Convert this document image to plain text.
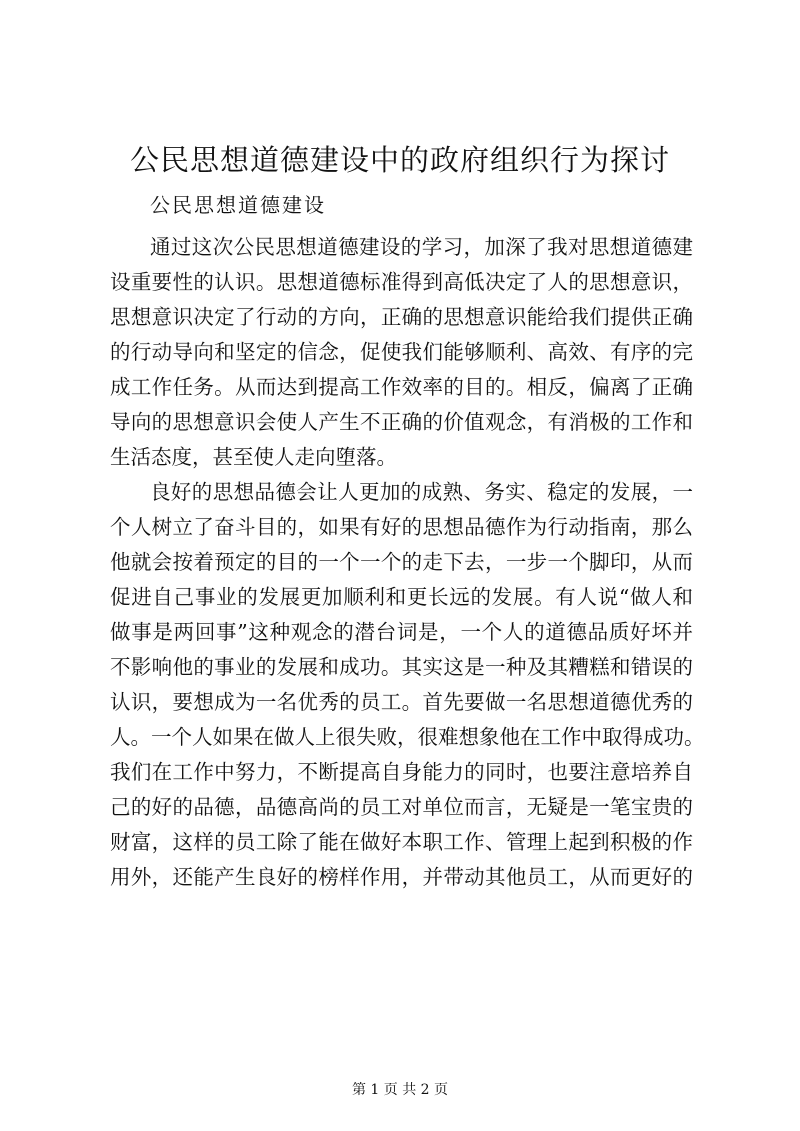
公民思想道德建设中的政府组织行为探讨
公民思想道德建设
通过这次公民思想道德建设的学习，加深了我对思想道德建
设重要性的认识。思想道德标准得到高低决定了人的思想意识，
思想意识决定了行动的方向，正确的思想意识能给我们提供正确
的行动导向和坚定的信念，促使我们能够顺利、高效、有序的完
成工作任务。从而达到提高工作效率的目的。相反，偏离了正确
导向的思想意识会使人产生不正确的价值观念，有消极的工作和
生活态度，甚至使人走向堕落。
良好的思想品德会让人更加的成熟、务实、稳定的发展，一
个人树立了奋斗目的，如果有好的思想品德作为行动指南，那么
他就会按着预定的目的一个一个的走下去，一步一个脚印，从而
促进自己事业的发展更加顺利和更长远的发展。有人说“做人和
做事是两回事”这种观念的潜台词是，一个人的道德品质好坏并
不影响他的事业的发展和成功。其实这是一种及其糟糕和错误的
认识，要想成为一名优秀的员工。首先要做一名思想道德优秀的
人。一个人如果在做人上很失败，很难想象他在工作中取得成功。
我们在工作中努力，不断提高自身能力的同时，也要注意培养自
己的好的品德，品德高尚的员工对单位而言，无疑是一笔宝贵的
财富，这样的员工除了能在做好本职工作、管理上起到积极的作
用外，还能产生良好的榜样作用，并带动其他员工，从而更好的
第 1 页 共 2 页
